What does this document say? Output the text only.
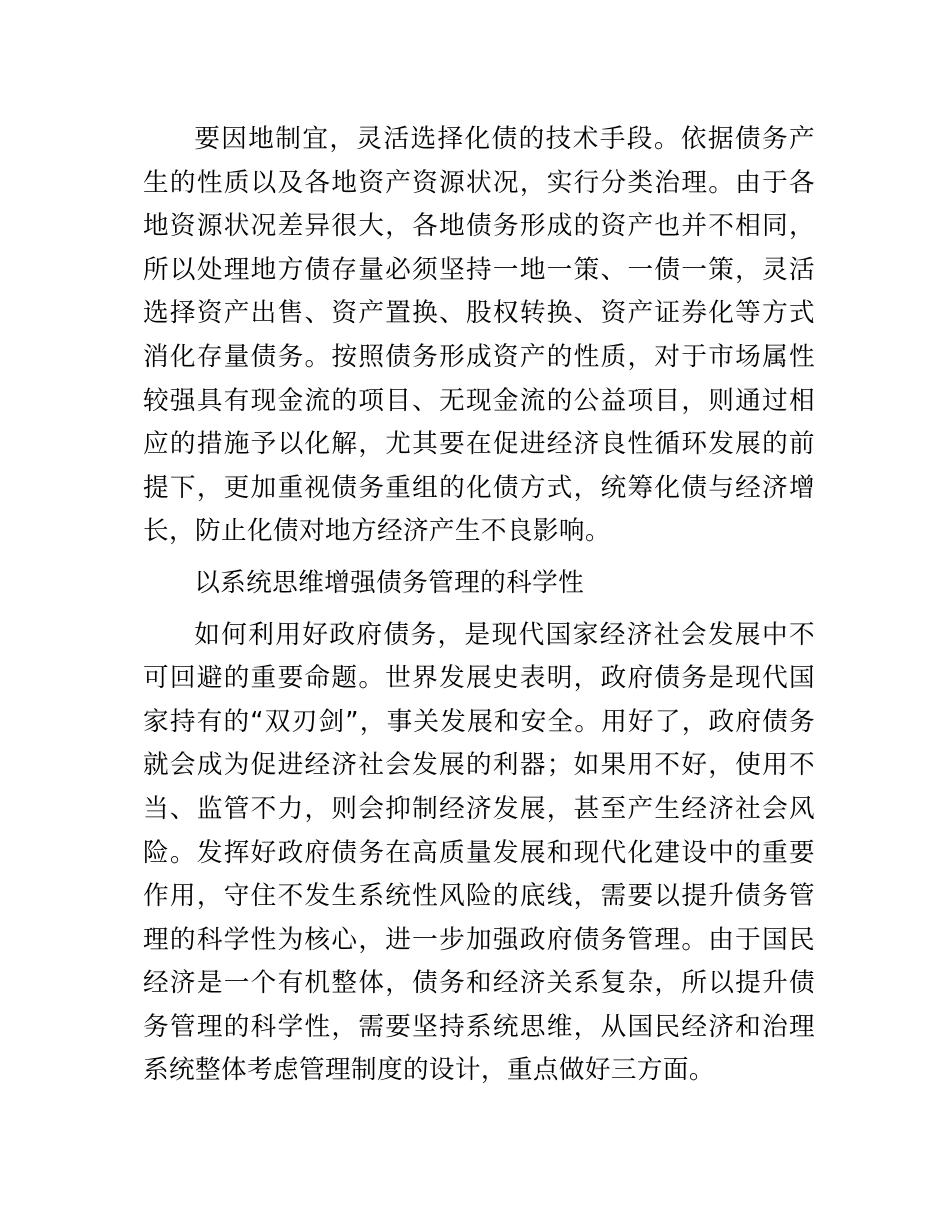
要因地制宜，灵活选择化债的技术手段。依据债务产生的性质以及各地资产资源状况，实行分类治理。由于各地资源状况差异很大，各地债务形成的资产也并不相同，所以处理地方债存量必须坚持一地一策、一债一策，灵活选择资产出售、资产置换、股权转换、资产证券化等方式消化存量债务。按照债务形成资产的性质，对于市场属性较强具有现金流的项目、无现金流的公益项目，则通过相应的措施予以化解，尤其要在促进经济良性循环发展的前提下，更加重视债务重组的化债方式，统筹化债与经济增长，防止化债对地方经济产生不良影响。

以系统思维增强债务管理的科学性

如何利用好政府债务，是现代国家经济社会发展中不可回避的重要命题。世界发展史表明，政府债务是现代国家持有的“双刃剑”，事关发展和安全。用好了，政府债务就会成为促进经济社会发展的利器；如果用不好，使用不当、监管不力，则会抑制经济发展，甚至产生经济社会风险。发挥好政府债务在高质量发展和现代化建设中的重要作用，守住不发生系统性风险的底线，需要以提升债务管理的科学性为核心，进一步加强政府债务管理。由于国民经济是一个有机整体，债务和经济关系复杂，所以提升债务管理的科学性，需要坚持系统思维，从国民经济和治理系统整体考虑管理制度的设计，重点做好三方面。
